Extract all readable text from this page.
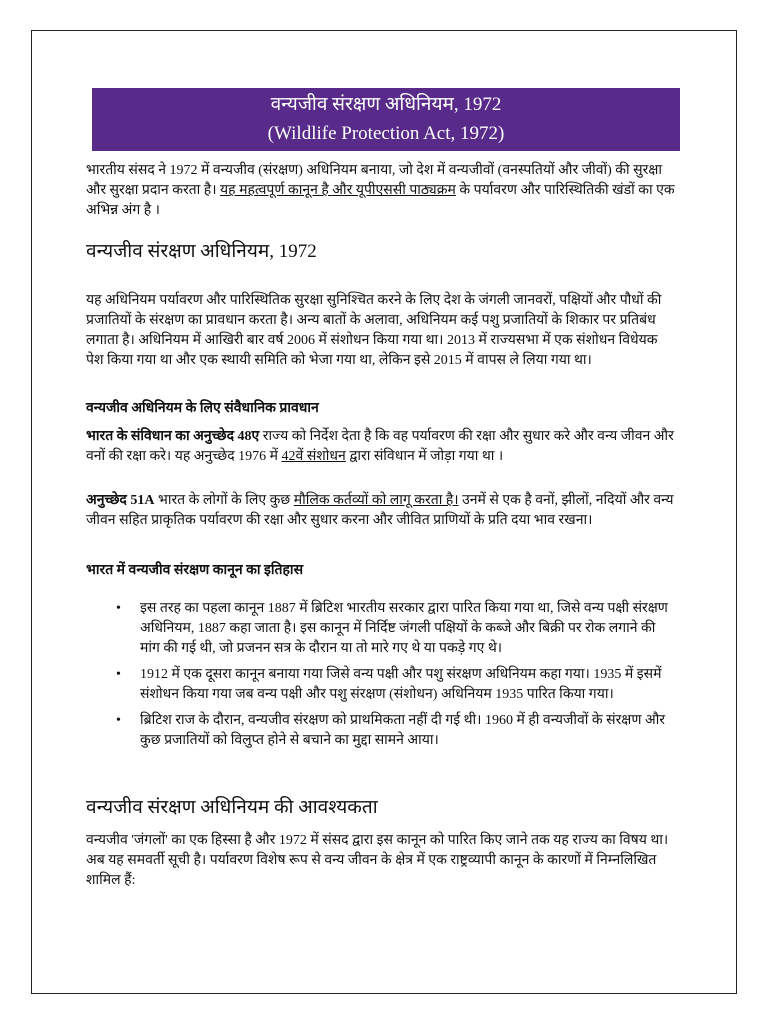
वन्यजीव संरक्षण अधिनियम, 1972
(Wildlife Protection Act, 1972)
भारतीय संसद ने 1972 में वन्यजीव (संरक्षण) अधिनियम बनाया, जो देश में वन्यजीवों (वनस्पतियों और जीवों) की सुरक्षा और सुरक्षा प्रदान करता है। यह महत्वपूर्ण कानून है और यूपीएससी पाठ्यक्रम के पर्यावरण और पारिस्थितिकी खंडों का एक अभिन्न अंग है ।
वन्यजीव संरक्षण अधिनियम, 1972
यह अधिनियम पर्यावरण और पारिस्थितिक सुरक्षा सुनिश्चित करने के लिए देश के जंगली जानवरों, पक्षियों और पौधों की प्रजातियों के संरक्षण का प्रावधान करता है। अन्य बातों के अलावा, अधिनियम कई पशु प्रजातियों के शिकार पर प्रतिबंध लगाता है। अधिनियम में आखिरी बार वर्ष 2006 में संशोधन किया गया था। 2013 में राज्यसभा में एक संशोधन विधेयक पेश किया गया था और एक स्थायी समिति को भेजा गया था, लेकिन इसे 2015 में वापस ले लिया गया था।
वन्यजीव अधिनियम के लिए संवैधानिक प्रावधान
भारत के संविधान का अनुच्छेद 48ए राज्य को निर्देश देता है कि वह पर्यावरण की रक्षा और सुधार करे और वन्य जीवन और वनों की रक्षा करे। यह अनुच्छेद 1976 में 42वें संशोधन द्वारा संविधान में जोड़ा गया था ।
अनुच्छेद 51A भारत के लोगों के लिए कुछ मौलिक कर्तव्यों को लागू करता है। उनमें से एक है वनों, झीलों, नदियों और वन्य जीवन सहित प्राकृतिक पर्यावरण की रक्षा और सुधार करना और जीवित प्राणियों के प्रति दया भाव रखना।
भारत में वन्यजीव संरक्षण कानून का इतिहास
• इस तरह का पहला कानून 1887 में ब्रिटिश भारतीय सरकार द्वारा पारित किया गया था, जिसे वन्य पक्षी संरक्षण अधिनियम, 1887 कहा जाता है। इस कानून में निर्दिष्ट जंगली पक्षियों के कब्जे और बिक्री पर रोक लगाने की मांग की गई थी, जो प्रजनन सत्र के दौरान या तो मारे गए थे या पकड़े गए थे।
• 1912 में एक दूसरा कानून बनाया गया जिसे वन्य पक्षी और पशु संरक्षण अधिनियम कहा गया। 1935 में इसमें संशोधन किया गया जब वन्य पक्षी और पशु संरक्षण (संशोधन) अधिनियम 1935 पारित किया गया।
• ब्रिटिश राज के दौरान, वन्यजीव संरक्षण को प्राथमिकता नहीं दी गई थी। 1960 में ही वन्यजीवों के संरक्षण और कुछ प्रजातियों को विलुप्त होने से बचाने का मुद्दा सामने आया।
वन्यजीव संरक्षण अधिनियम की आवश्यकता
वन्यजीव 'जंगलों' का एक हिस्सा है और 1972 में संसद द्वारा इस कानून को पारित किए जाने तक यह राज्य का विषय था। अब यह समवर्ती सूची है। पर्यावरण विशेष रूप से वन्य जीवन के क्षेत्र में एक राष्ट्रव्यापी कानून के कारणों में निम्नलिखित शामिल हैं:
